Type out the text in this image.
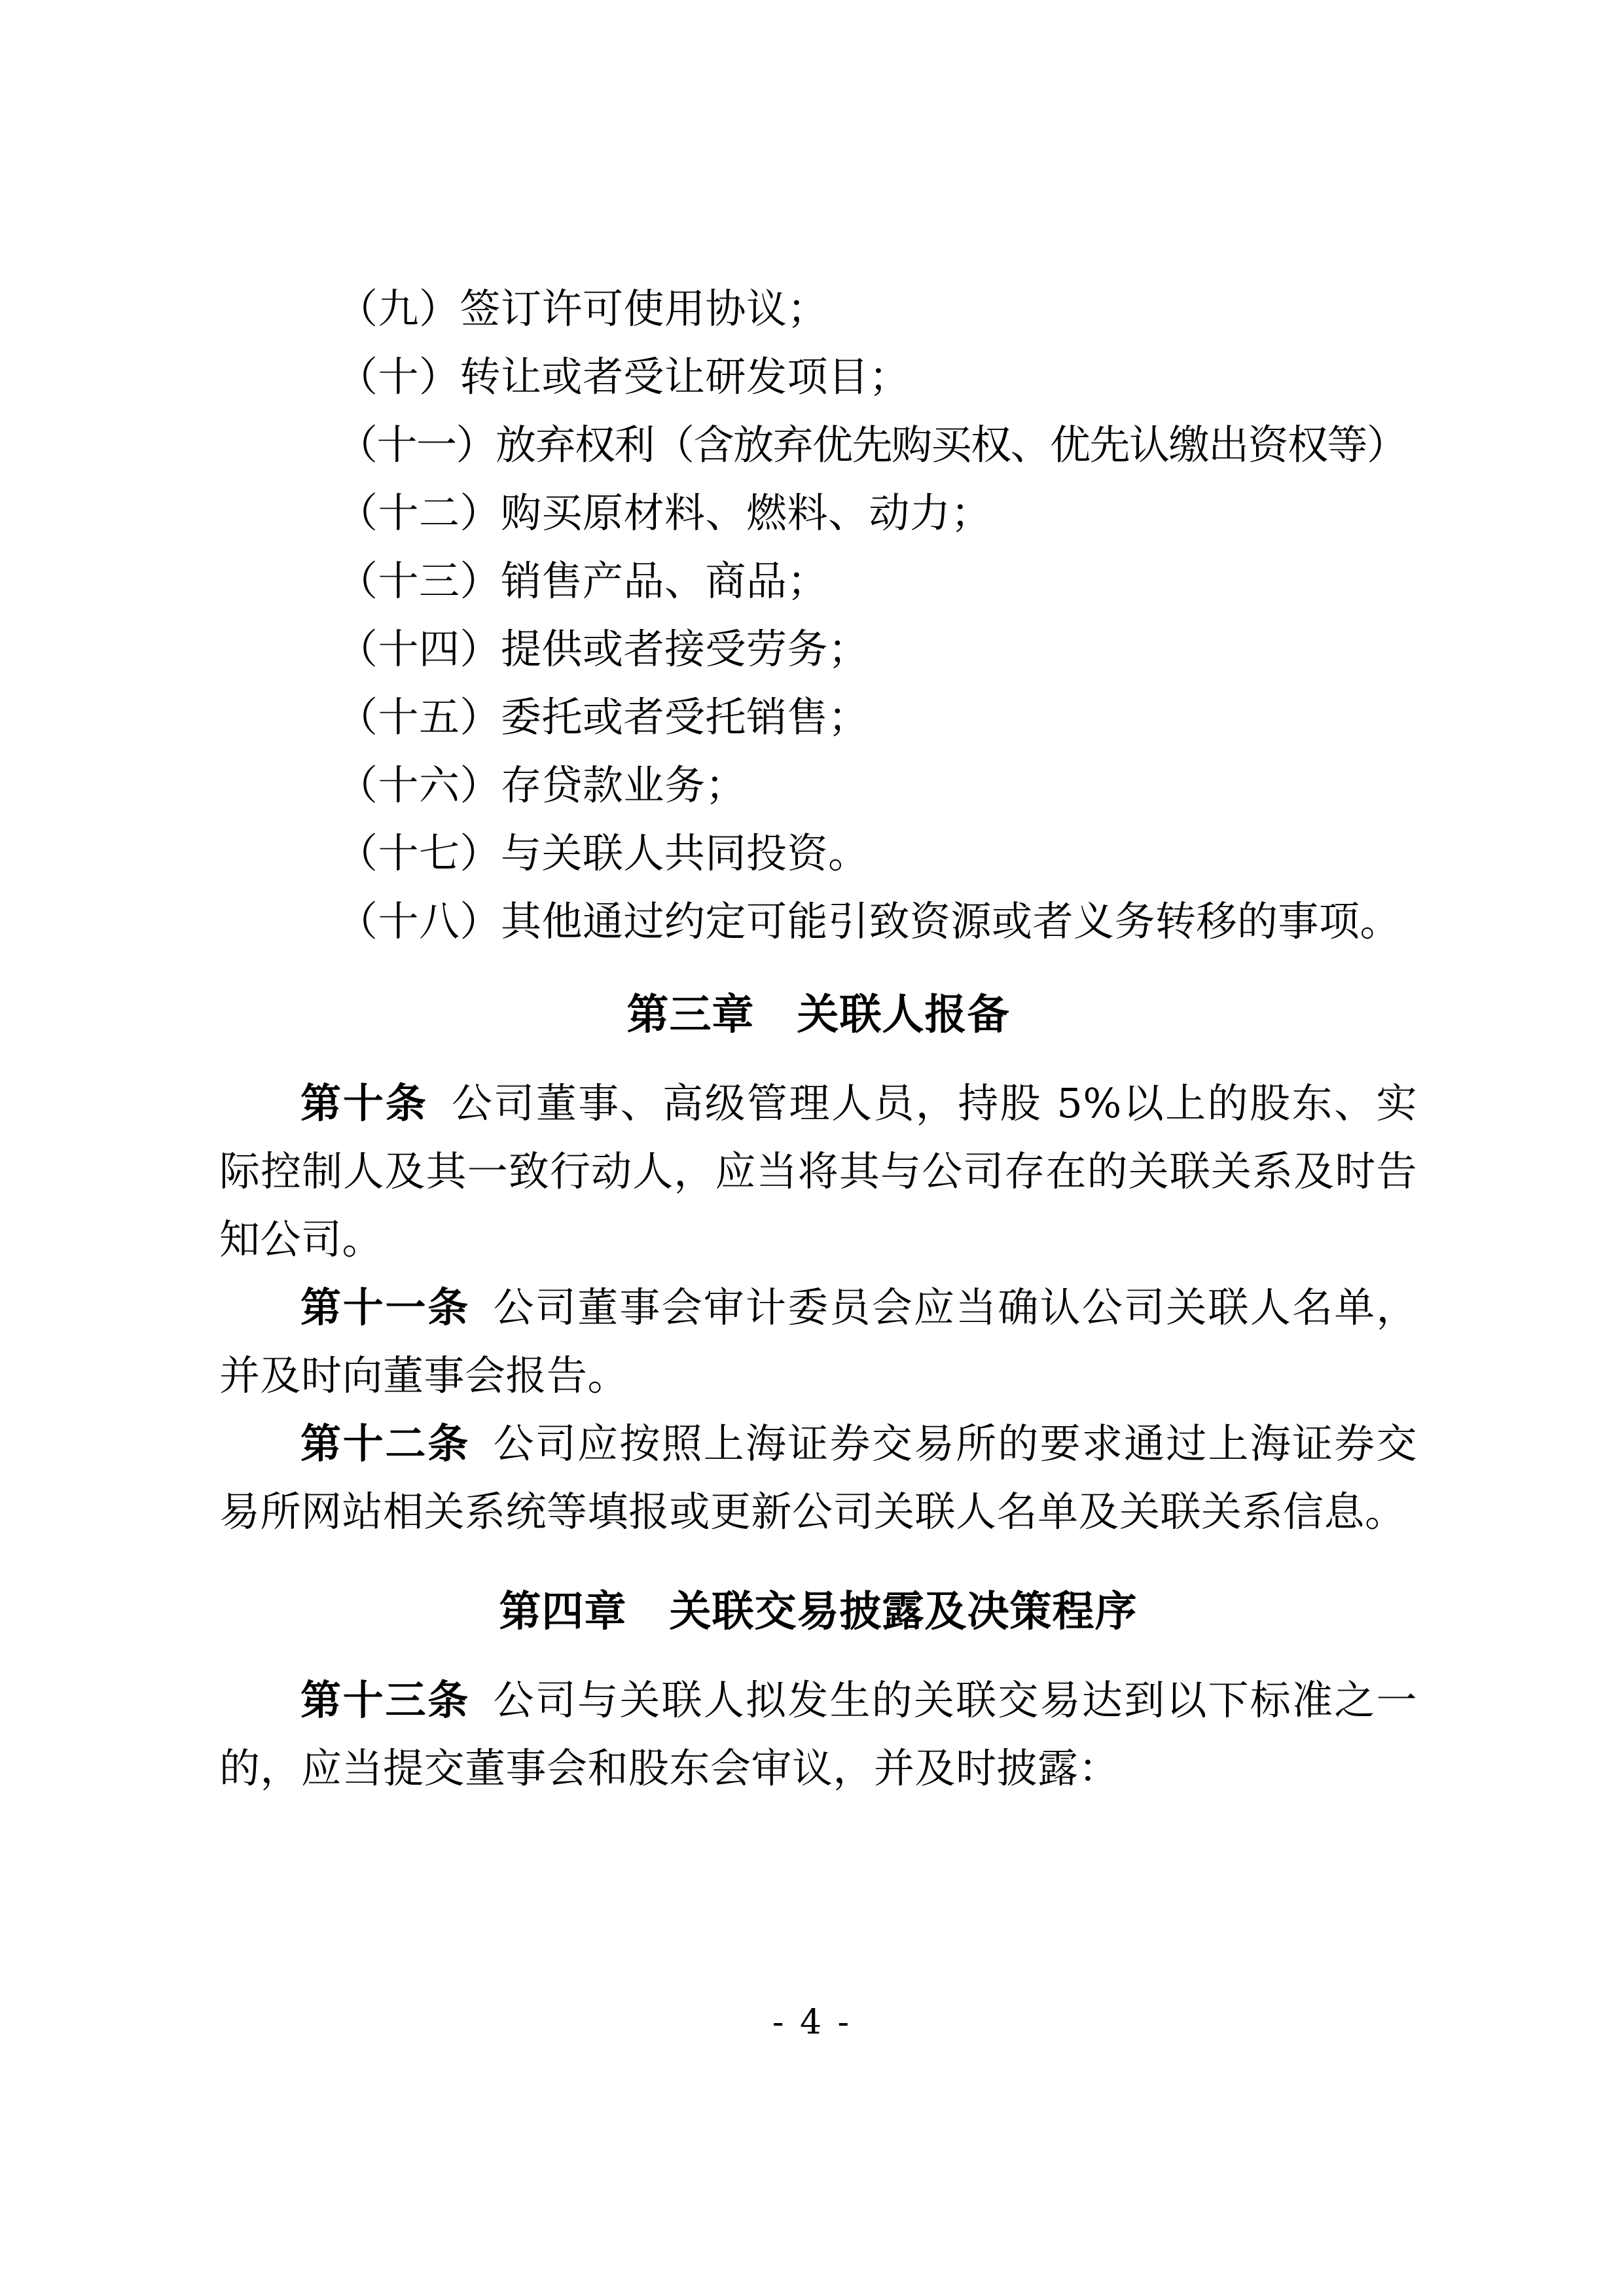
（九）签订许可使用协议；

（十）转让或者受让研发项目；

（十一）放弃权利（含放弃优先购买权、优先认缴出资权等）

（十二）购买原材料、燃料、动力；

（十三）销售产品、商品；

（十四）提供或者接受劳务；

（十五）委托或者受托销售；

（十六）存贷款业务；

（十七）与关联人共同投资。

（十八）其他通过约定可能引致资源或者义务转移的事项。

第三章　关联人报备

第十条 公司董事、高级管理人员，持股 5%以上的股东、实际控制人及其一致行动人，应当将其与公司存在的关联关系及时告知公司。

第十一条 公司董事会审计委员会应当确认公司关联人名单，并及时向董事会报告。

第十二条 公司应按照上海证券交易所的要求通过上海证券交易所网站相关系统等填报或更新公司关联人名单及关联关系信息。

第四章　关联交易披露及决策程序

第十三条 公司与关联人拟发生的关联交易达到以下标准之一的，应当提交董事会和股东会审议，并及时披露：

- 4 -
